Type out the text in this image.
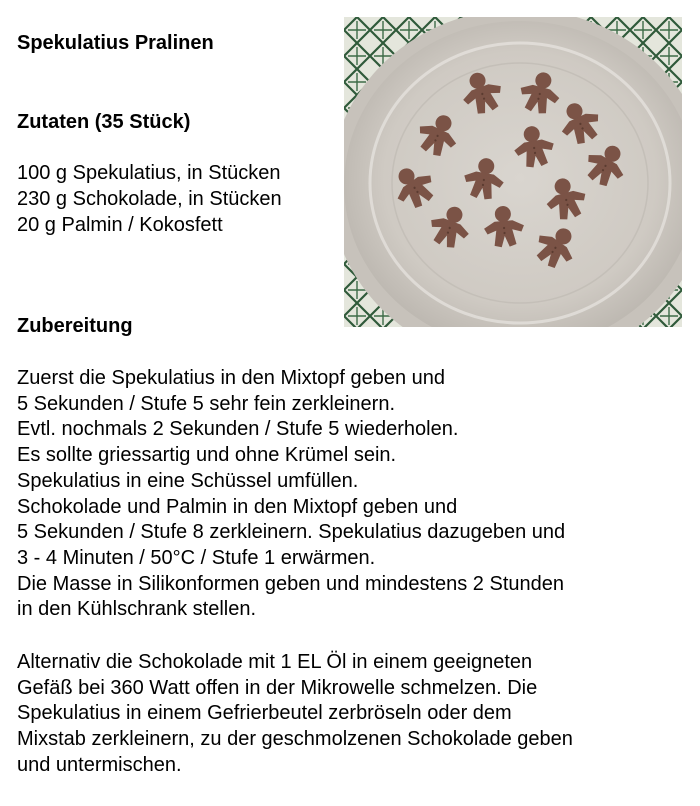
Spekulatius Pralinen
Zutaten (35 Stück)
100 g Spekulatius, in Stücken
230 g Schokolade, in Stücken
20 g Palmin / Kokosfett
Zubereitung
Zuerst die Spekulatius in den Mixtopf geben und
5 Sekunden / Stufe 5 sehr fein zerkleinern.
Evtl. nochmals 2 Sekunden / Stufe 5 wiederholen.
Es sollte griessartig und ohne Krümel sein.
Spekulatius in eine Schüssel umfüllen.
Schokolade und Palmin in den Mixtopf geben und
5 Sekunden / Stufe 8 zerkleinern. Spekulatius dazugeben und
3 - 4 Minuten / 50°C / Stufe 1 erwärmen.
Die Masse in Silikonformen geben und mindestens 2 Stunden
in den Kühlschrank stellen.
Alternativ die Schokolade mit 1 EL Öl in einem geeigneten
Gefäß bei 360 Watt offen in der Mikrowelle schmelzen. Die
Spekulatius in einem Gefrierbeutel zerbröseln oder dem
Mixstab zerkleinern, zu der geschmolzenen Schokolade geben
und untermischen.
